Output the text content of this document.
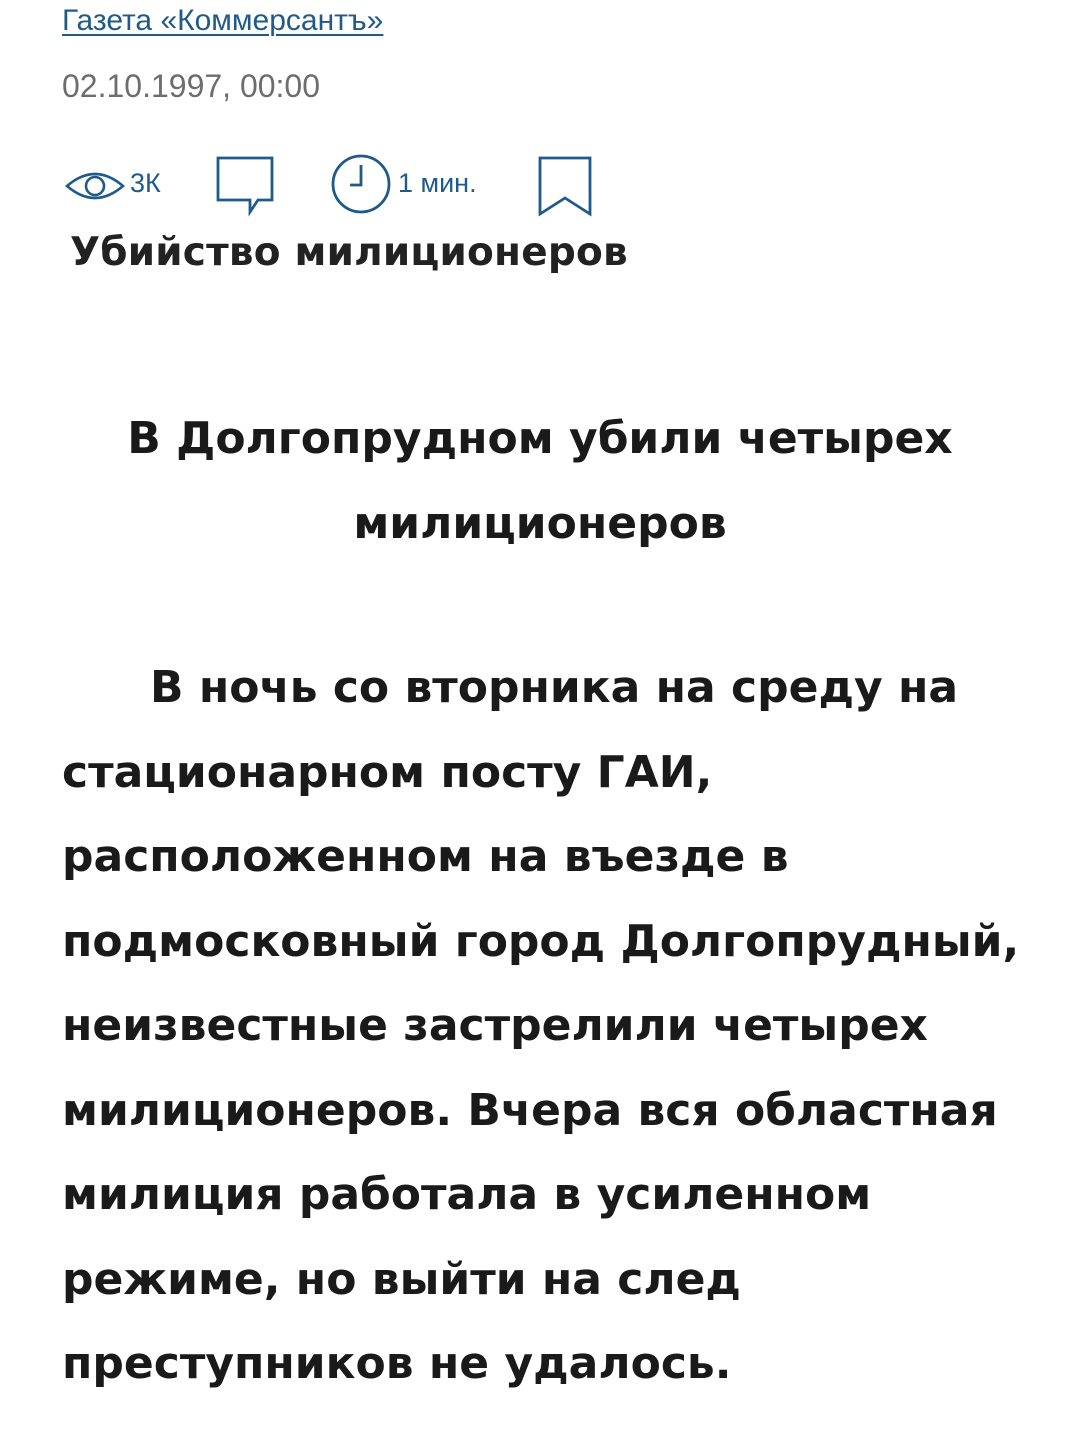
Газета «Коммерсантъ»
02.10.1997, 00:00
3К	1 мин.
Убийство милиционеров
В Долгопрудном убили четырех милиционеров

В ночь со вторника на среду на стационарном посту ГАИ, расположенном на въезде в подмосковный город Долгопрудный, неизвестные застрелили четырех милиционеров. Вчера вся областная милиция работала в усиленном режиме, но выйти на след преступников не удалось.
